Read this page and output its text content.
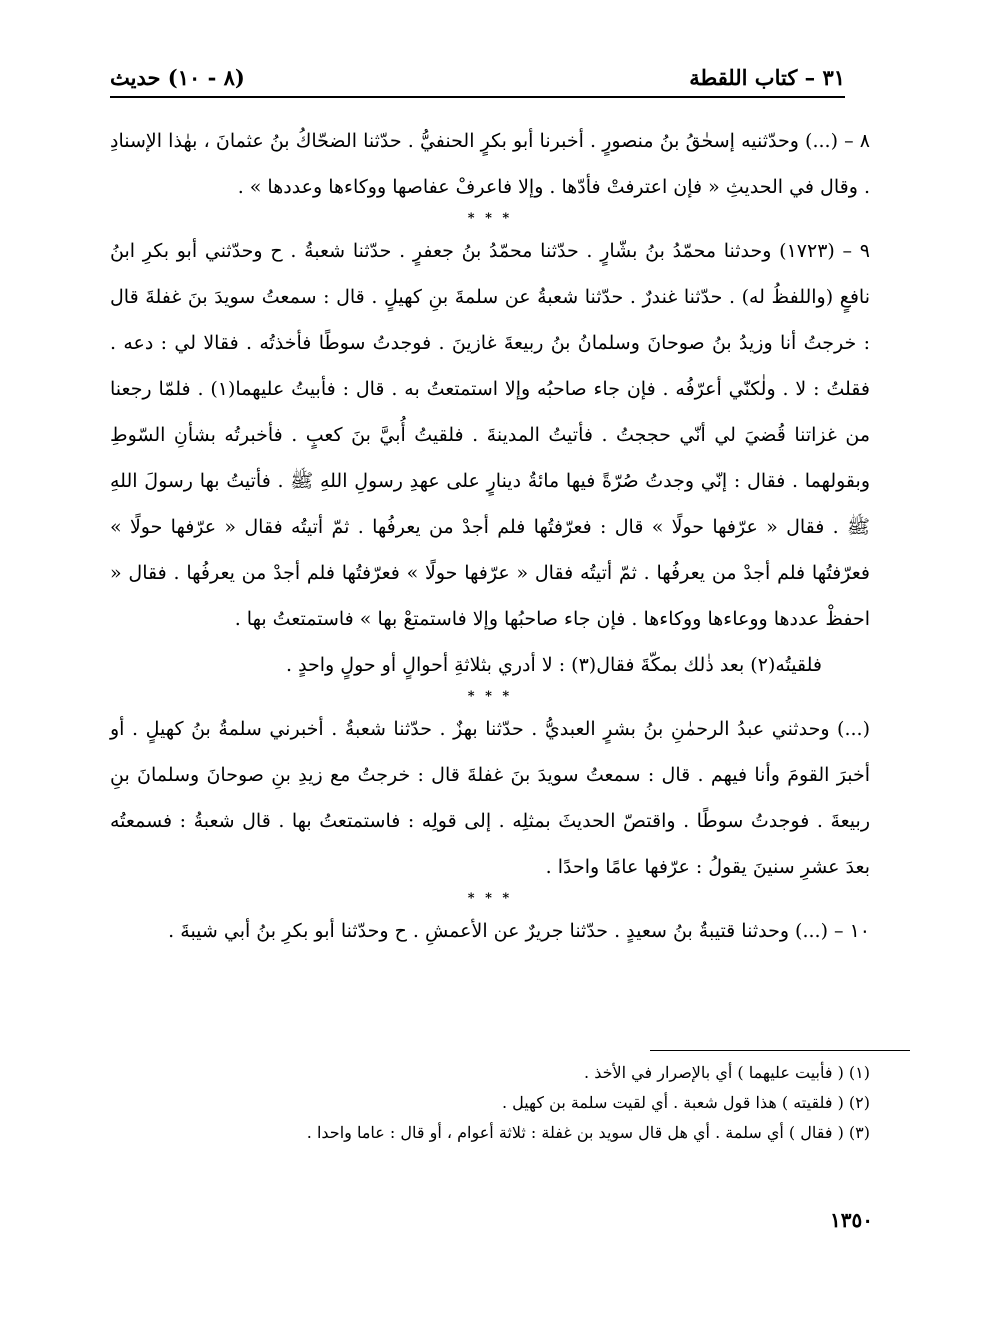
٣١ – كتاب اللقطة
(٨ - ١٠) حديث

٨ – (...) وحدّثنيه إسحٰقُ بنُ منصورٍ . أخبرنا أبو بكرٍ الحنفيُّ . حدّثنا الضحّاكُ بنُ عثمانَ ، بهٰذا الإسنادِ . وقال في الحديثِ « فإن اعترفتْ فأدّها . وإلا فاعرفْ عفاصها ووكاءها وعددها » .

* * *

٩ – (١٧٢٣) وحدثنا محمّدُ بنُ بشّارٍ . حدّثنا محمّدُ بنُ جعفرٍ . حدّثنا شعبةُ . ح وحدّثني أبو بكرِ ابنُ نافعٍ (واللفظُ له) . حدّثنا غندرٌ . حدّثنا شعبةُ عن سلمةَ بنِ كهيلٍ . قال : سمعتُ سويدَ بنَ غفلةَ قال : خرجتُ أنا وزيدُ بنُ صوحانَ وسلمانُ بنُ ربيعةَ غازينَ . فوجدتُ سوطًا فأخذتُه . فقالا لي : دعه . فقلتُ : لا . ولٰكنّي أعرّفُه . فإن جاء صاحبُه وإلا استمتعتُ به . قال : فأبيتُ عليهما(١) . فلمّا رجعنا من غزاتنا قُضيَ لي أنّي حججتُ . فأتيتُ المدينةَ . فلقيتُ أُبيَّ بنَ كعبٍ . فأخبرتُه بشأنِ السّوطِ وبقولهما . فقال : إنّي وجدتُ صُرّةً فيها مائةُ دينارٍ على عهدِ رسولِ اللهِ ﷺ . فأتيتُ بها رسولَ اللهِ ﷺ . فقال « عرّفها حولًا » قال : فعرّفتُها فلم أجدْ من يعرفُها . ثمّ أتيتُه فقال « عرّفها حولًا » فعرّفتُها فلم أجدْ من يعرفُها . ثمّ أتيتُه فقال « عرّفها حولًا » فعرّفتُها فلم أجدْ من يعرفُها . فقال « احفظْ عددها ووعاءها ووكاءها . فإن جاء صاحبُها وإلا فاستمتعْ بها » فاستمتعتُ بها .

فلقيتُه(٢) بعد ذٰلك بمكّةَ فقال(٣) : لا أدري بثلاثةِ أحوالٍ أو حولٍ واحدٍ .

* * *

(...) وحدثني عبدُ الرحمٰنِ بنُ بشرٍ العبديُّ . حدّثنا بهزٌ . حدّثنا شعبةُ . أخبرني سلمةُ بنُ كهيلٍ . أو أخبرَ القومَ وأنا فيهم . قال : سمعتُ سويدَ بنَ غفلةَ قال : خرجتُ مع زيدِ بنِ صوحانَ وسلمانَ بنِ ربيعةَ . فوجدتُ سوطًا . واقتصّ الحديثَ بمثلِه . إلى قولِه : فاستمتعتُ بها . قال شعبةُ : فسمعتُه بعدَ عشرِ سنينَ يقولُ : عرّفها عامًا واحدًا .

* * *

١٠ – (...) وحدثنا قتيبةُ بنُ سعيدٍ . حدّثنا جريرٌ عن الأعمشِ . ح وحدّثنا أبو بكرِ بنُ أبي شيبةَ .

(١) ( فأبيت عليهما ) أي بالإصرار في الأخذ .

(٢) ( فلقيته ) هذا قول شعبة . أي لقيت سلمة بن كهيل .

(٣) ( فقال ) أي سلمة . أي هل قال سويد بن غفلة : ثلاثة أعوام ، أو قال : عاما واحدا .

١٣٥٠
